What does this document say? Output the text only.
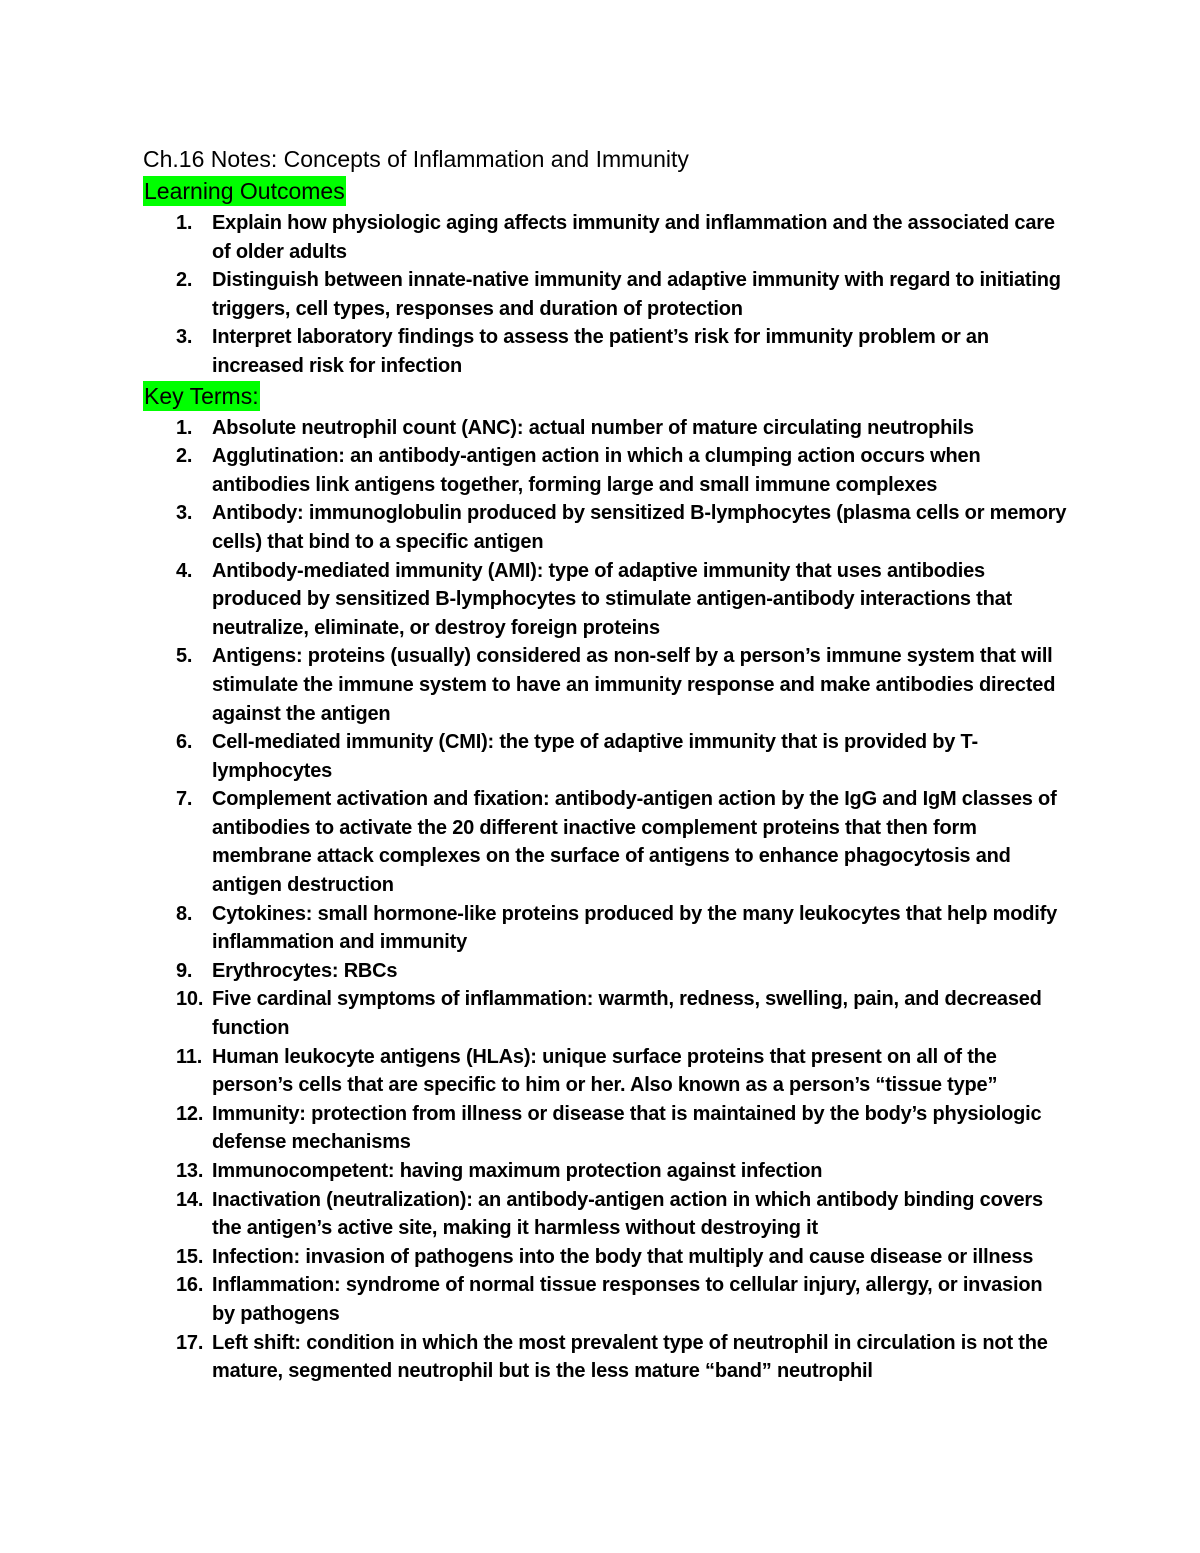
Ch.16 Notes: Concepts of Inflammation and Immunity
Learning Outcomes
1. Explain how physiologic aging affects immunity and inflammation and the associated care of older adults
2. Distinguish between innate-native immunity and adaptive immunity with regard to initiating triggers, cell types, responses and duration of protection
3. Interpret laboratory findings to assess the patient’s risk for immunity problem or an increased risk for infection
Key Terms:
1. Absolute neutrophil count (ANC): actual number of mature circulating neutrophils
2. Agglutination: an antibody-antigen action in which a clumping action occurs when antibodies link antigens together, forming large and small immune complexes
3. Antibody: immunoglobulin produced by sensitized B-lymphocytes (plasma cells or memory cells) that bind to a specific antigen
4. Antibody-mediated immunity (AMI): type of adaptive immunity that uses antibodies produced by sensitized B-lymphocytes to stimulate antigen-antibody interactions that neutralize, eliminate, or destroy foreign proteins
5. Antigens: proteins (usually) considered as non-self by a person’s immune system that will stimulate the immune system to have an immunity response and make antibodies directed against the antigen
6. Cell-mediated immunity (CMI): the type of adaptive immunity that is provided by T-lymphocytes
7. Complement activation and fixation: antibody-antigen action by the IgG and IgM classes of antibodies to activate the 20 different inactive complement proteins that then form membrane attack complexes on the surface of antigens to enhance phagocytosis and antigen destruction
8. Cytokines: small hormone-like proteins produced by the many leukocytes that help modify inflammation and immunity
9. Erythrocytes: RBCs
10. Five cardinal symptoms of inflammation: warmth, redness, swelling, pain, and decreased function
11. Human leukocyte antigens (HLAs): unique surface proteins that present on all of the person’s cells that are specific to him or her. Also known as a person’s “tissue type”
12. Immunity: protection from illness or disease that is maintained by the body’s physiologic defense mechanisms
13. Immunocompetent: having maximum protection against infection
14. Inactivation (neutralization): an antibody-antigen action in which antibody binding covers the antigen’s active site, making it harmless without destroying it
15. Infection: invasion of pathogens into the body that multiply and cause disease or illness
16. Inflammation: syndrome of normal tissue responses to cellular injury, allergy, or invasion by pathogens
17. Left shift: condition in which the most prevalent type of neutrophil in circulation is not the mature, segmented neutrophil but is the less mature “band” neutrophil
